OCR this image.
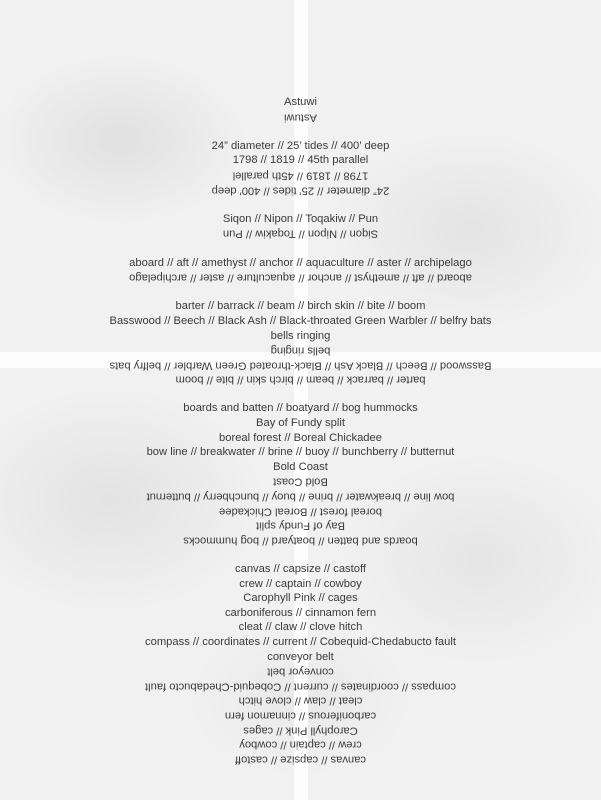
Astuwi
Astuwi
24” diameter // 25’ tides // 400’ deep
1798 // 1819 // 45th parallel
1798 // 1819 // 45th parallel
24” diameter // 25’ tides // 400’ deep
Siqon // Nipon // Toqakiw // Pun
Siqon // Nipon // Toqakiw // Pun
aboard // aft // amethyst // anchor // aquaculture // aster // archipelago
aboard // aft // amethyst // anchor // aquaculture // aster // archipelago
barter // barrack // beam // birch skin // bite // boom
Basswood // Beech // Black Ash // Black-throated Green Warbler // belfry bats
bells ringing
bells ringing
Basswood // Beech // Black Ash // Black-throated Green Warbler // belfry bats
barter // barrack // beam // birch skin // bite // boom
boards and batten // boatyard // bog hummocks
Bay of Fundy split
boreal forest // Boreal Chickadee
bow line // breakwater // brine // buoy // bunchberry // butternut
Bold Coast
Bold Coast
bow line // breakwater // brine // buoy // bunchberry // butternut
boreal forest // Boreal Chickadee
Bay of Fundy split
boards and batten // boatyard // bog hummocks
canvas // capsize // castoff
crew // captain // cowboy
Carophyll Pink // cages
carboniferous // cinnamon fern
cleat // claw // clove hitch
compass // coordinates // current // Cobequid-Chedabucto fault
conveyor belt
conveyor belt
compass // coordinates // current // Cobequid-Chedabucto fault
cleat // claw // clove hitch
carboniferous // cinnamon fern
Carophyll Pink // cages
crew // captain // cowboy
canvas // capsize // castoff
